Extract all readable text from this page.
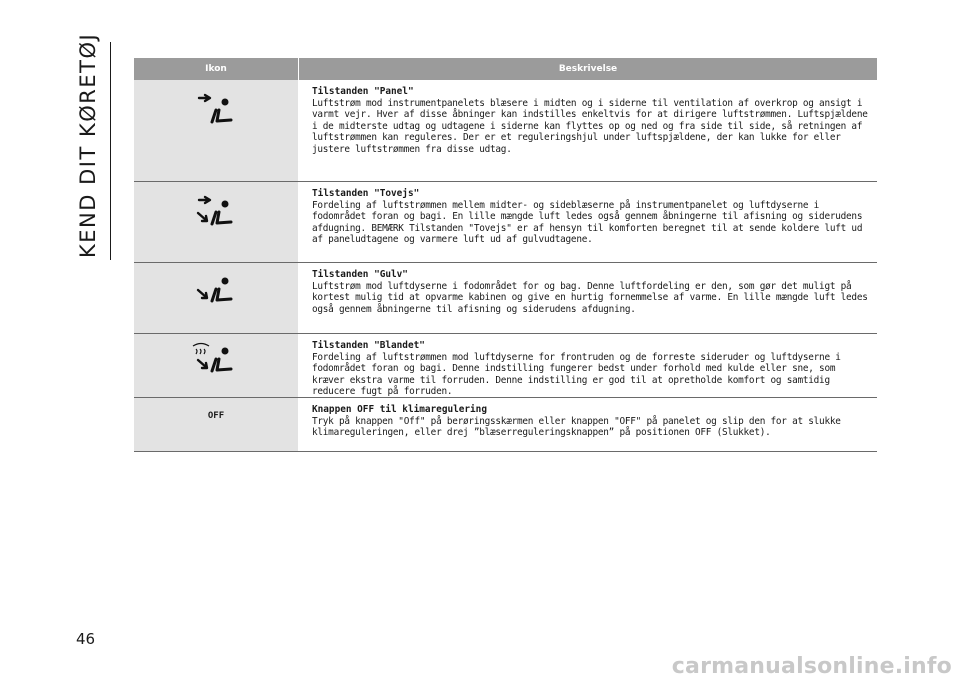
KEND DIT KØRETØJ	Ikon	Beskrivelse
Tilstanden "Panel"
Luftstrøm mod instrumentpanelets blæsere i midten og i siderne til ventilation af overkrop og ansigt i varmt vejr. Hver af disse åbninger kan indstilles enkeltvis for at dirigere luftstrømmen. Luftspjældene i de midterste udtag og udtagene i siderne kan flyttes op og ned og fra side til side, så retningen af luftstrømmen kan reguleres. Der er et reguleringshjul under luftspjældene, der kan lukke for eller justere luftstrømmen fra disse udtag.
Tilstanden "Tovejs"
Fordeling af luftstrømmen mellem midter- og sideblæserne på instrumentpanelet og luftdyserne i fodområdet foran og bagi. En lille mængde luft ledes også gennem åbningerne til afisning og siderudens afdugning. BEMÆRK Tilstanden "Tovejs" er af hensyn til komforten beregnet til at sende koldere luft ud af paneludtagene og varmere luft ud af gulvudtagene.
Tilstanden "Gulv"
Luftstrøm mod luftdyserne i fodområdet for og bag. Denne luftfordeling er den, som gør det muligt på kortest mulig tid at opvarme kabinen og give en hurtig fornemmelse af varme. En lille mængde luft ledes også gennem åbningerne til afisning og siderudens afdugning.
Tilstanden "Blandet"
Fordeling af luftstrømmen mod luftdyserne for frontruden og de forreste sideruder og luftdyserne i fodområdet foran og bagi. Denne indstilling fungerer bedst under forhold med kulde eller sne, som kræver ekstra varme til forruden. Denne indstilling er god til at opretholde komfort og samtidig reducere fugt på forruden.
OFF
Knappen OFF til klimaregulering
Tryk på knappen "Off" på berøringsskærmen eller knappen "OFF" på panelet og slip den for at slukke klimareguleringen, eller drej ”blæserreguleringsknappen” på positionen OFF (Slukket).
46
carmanualsonline.info
